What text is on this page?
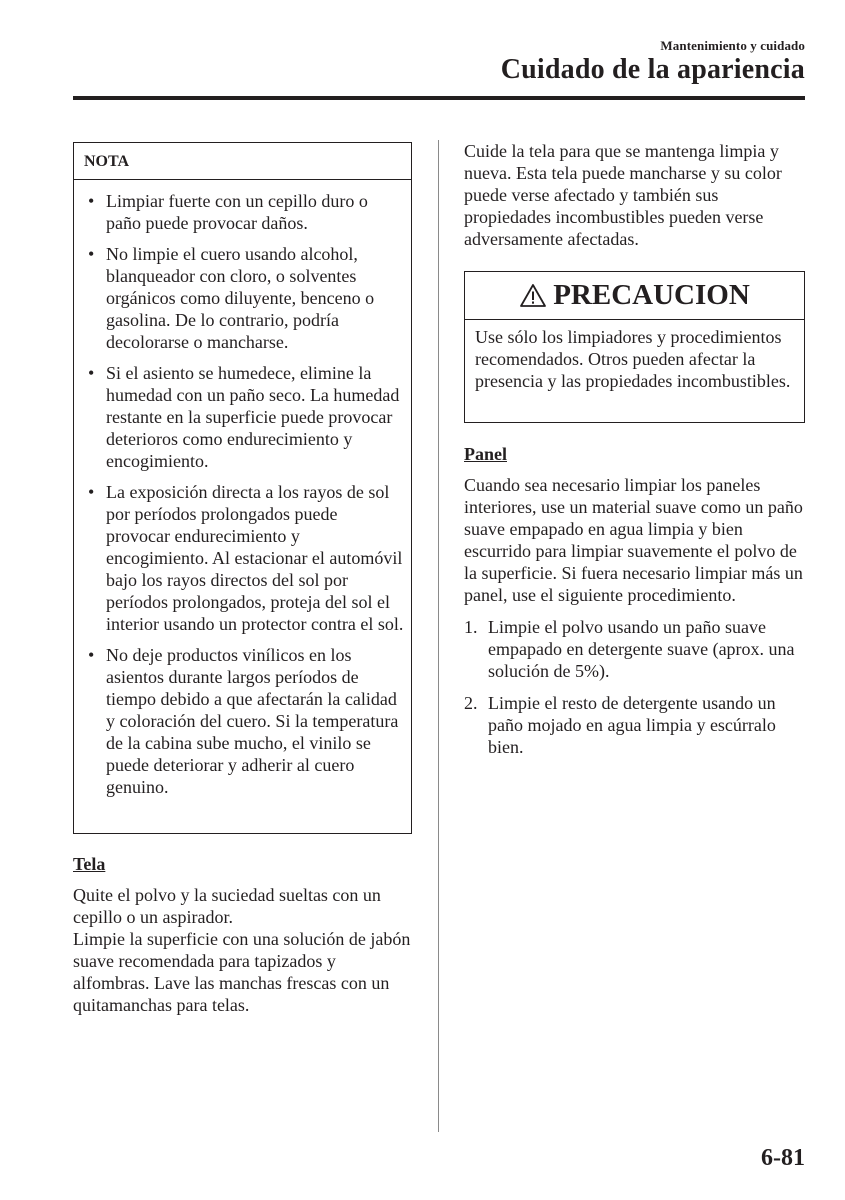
Mantenimiento y cuidado
Cuidado de la apariencia
NOTA
• Limpiar fuerte con un cepillo duro o paño puede provocar daños.
• No limpie el cuero usando alcohol, blanqueador con cloro, o solventes orgánicos como diluyente, benceno o gasolina. De lo contrario, podría decolorarse o mancharse.
• Si el asiento se humedece, elimine la humedad con un paño seco. La humedad restante en la superficie puede provocar deterioros como endurecimiento y encogimiento.
• La exposición directa a los rayos de sol por períodos prolongados puede provocar endurecimiento y encogimiento. Al estacionar el automóvil bajo los rayos directos del sol por períodos prolongados, proteja del sol el interior usando un protector contra el sol.
• No deje productos vinílicos en los asientos durante largos períodos de tiempo debido a que afectarán la calidad y coloración del cuero. Si la temperatura de la cabina sube mucho, el vinilo se puede deteriorar y adherir al cuero genuino.
Tela
Quite el polvo y la suciedad sueltas con un cepillo o un aspirador.
Limpie la superficie con una solución de jabón suave recomendada para tapizados y alfombras. Lave las manchas frescas con un quitamanchas para telas.
Cuide la tela para que se mantenga limpia y nueva. Esta tela puede mancharse y su color puede verse afectado y también sus propiedades incombustibles pueden verse adversamente afectadas.
PRECAUCION
Use sólo los limpiadores y procedimientos recomendados. Otros pueden afectar la presencia y las propiedades incombustibles.
Panel
Cuando sea necesario limpiar los paneles interiores, use un material suave como un paño suave empapado en agua limpia y bien escurrido para limpiar suavemente el polvo de la superficie. Si fuera necesario limpiar más un panel, use el siguiente procedimiento.
1. Limpie el polvo usando un paño suave empapado en detergente suave (aprox. una solución de 5%).
2. Limpie el resto de detergente usando un paño mojado en agua limpia y escúrralo bien.
6-81
